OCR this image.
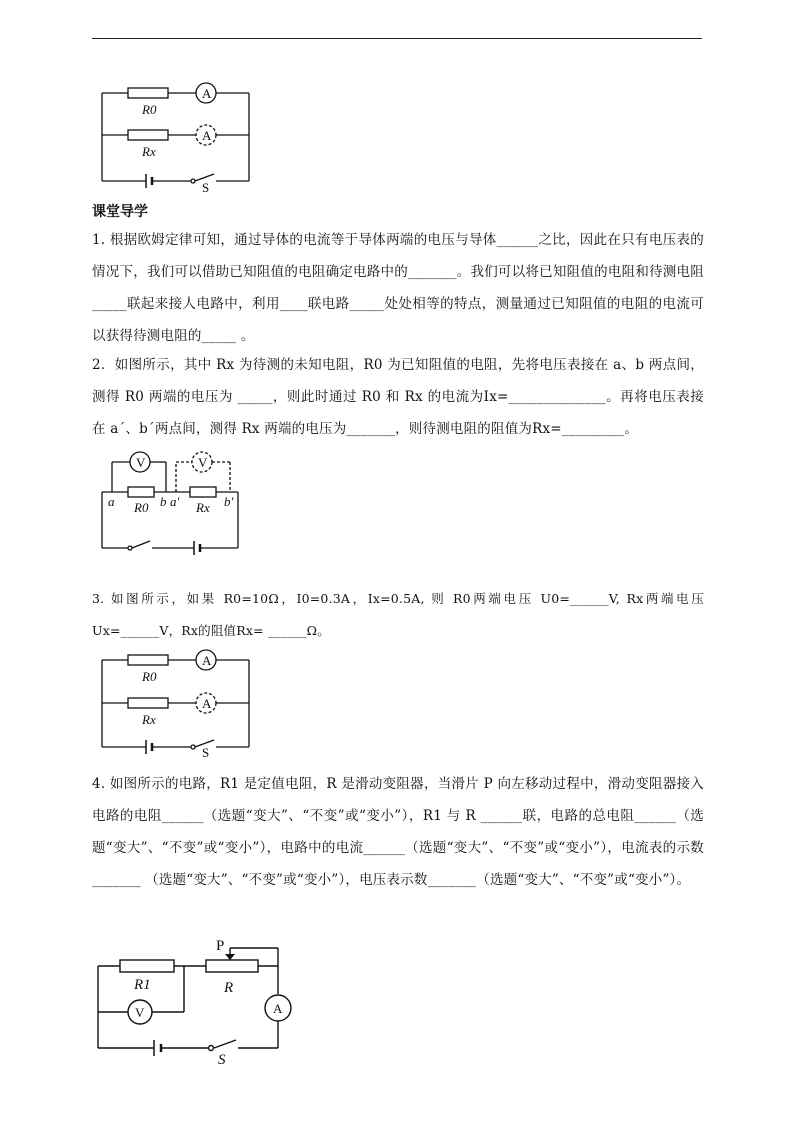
A
A
R0
Rx
S
课堂导学
1. 根据欧姆定律可知，通过导体的电流等于导体两端的电压与导体______之比，因此在只有电压表的情况下，我们可以借助已知阻值的电阻确定电路中的_______。我们可以将已知阻值的电阻和待测电阻_____联起来接人电路中，利用____联电路_____处处相等的特点，测量通过已知阻值的电阻的电流可以获得待测电阻的_____ 。
2．如图所示，其中 Rx 为待测的未知电阻，R0 为已知阻值的电阻，先将电压表接在 a、b 两点间，测得 R0 两端的电压为 _____，则此时通过 R0 和 Rx 的电流为Ix=______________。再将电压表接在 a´、b´两点间，测得 Rx 两端的电压为_______，则待测电阻的阻值为Rx=_________。
V	V
a	b a'	b'
R0	Rx
3. 如图所示，如果 R0=10Ω，I0=0.3A，Ix=0.5A, 则 R0两端电压 U0=______V, Rx两端电压 Ux=______V，Rx的阻值Rx= ______Ω。
A
A
R0
Rx
S
4. 如图所示的电路，R1 是定值电阻，R 是滑动变阻器，当滑片 P 向左移动过程中，滑动变阻器接入电路的电阻______（选题“变大”、“不变”或“变小”），R1 与 R ______联，电路的总电阻______（选题“变大”、“不变”或“变小”），电路中的电流______（选题“变大”、“不变”或“变小”），电流表的示数_______ （选题“变大”、“不变”或“变小”），电压表示数_______（选题“变大”、“不变”或“变小”）。
P
R1	R
V	A
S
